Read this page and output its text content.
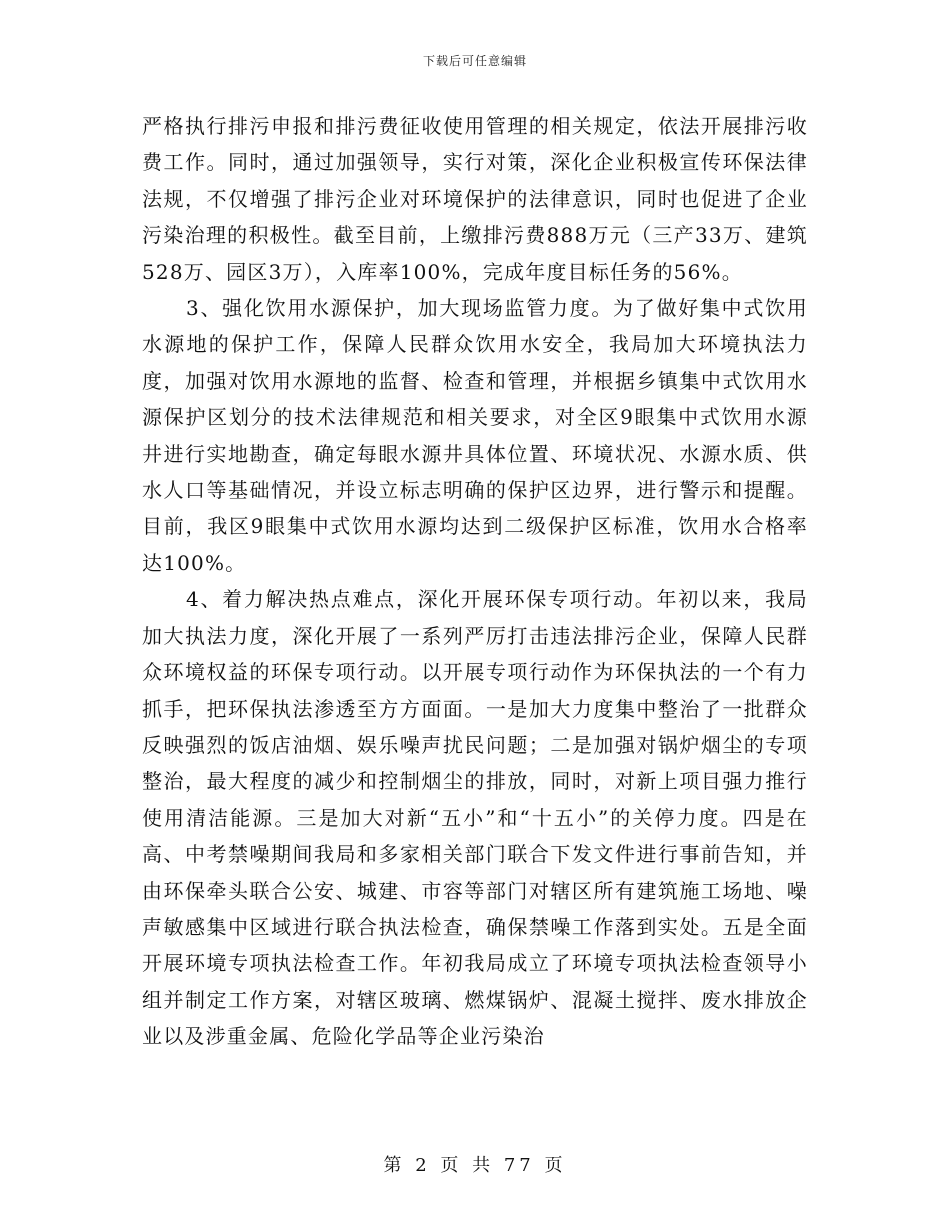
下载后可任意编辑

严格执行排污申报和排污费征收使用管理的相关规定，依法开展排污收费工作。同时，通过加强领导，实行对策，深化企业积极宣传环保法律法规，不仅增强了排污企业对环境保护的法律意识，同时也促进了企业污染治理的积极性。截至目前，上缴排污费888万元（三产33万、建筑528万、园区3万），入库率100%，完成年度目标任务的56%。

3、强化饮用水源保护，加大现场监管力度。为了做好集中式饮用水源地的保护工作，保障人民群众饮用水安全，我局加大环境执法力度，加强对饮用水源地的监督、检查和管理，并根据乡镇集中式饮用水源保护区划分的技术法律规范和相关要求，对全区9眼集中式饮用水源井进行实地勘查，确定每眼水源井具体位置、环境状况、水源水质、供水人口等基础情况，并设立标志明确的保护区边界，进行警示和提醒。目前，我区9眼集中式饮用水源均达到二级保护区标准，饮用水合格率达100%。

4、着力解决热点难点，深化开展环保专项行动。年初以来，我局加大执法力度，深化开展了一系列严厉打击违法排污企业，保障人民群众环境权益的环保专项行动。以开展专项行动作为环保执法的一个有力抓手，把环保执法渗透至方方面面。一是加大力度集中整治了一批群众反映强烈的饭店油烟、娱乐噪声扰民问题；二是加强对锅炉烟尘的专项整治，最大程度的减少和控制烟尘的排放，同时，对新上项目强力推行使用清洁能源。三是加大对新“五小”和“十五小”的关停力度。四是在高、中考禁噪期间我局和多家相关部门联合下发文件进行事前告知，并由环保牵头联合公安、城建、市容等部门对辖区所有建筑施工场地、噪声敏感集中区域进行联合执法检查，确保禁噪工作落到实处。五是全面开展环境专项执法检查工作。年初我局成立了环境专项执法检查领导小组并制定工作方案，对辖区玻璃、燃煤锅炉、混凝土搅拌、废水排放企业以及涉重金属、危险化学品等企业污染治

第 2 页 共 77 页
